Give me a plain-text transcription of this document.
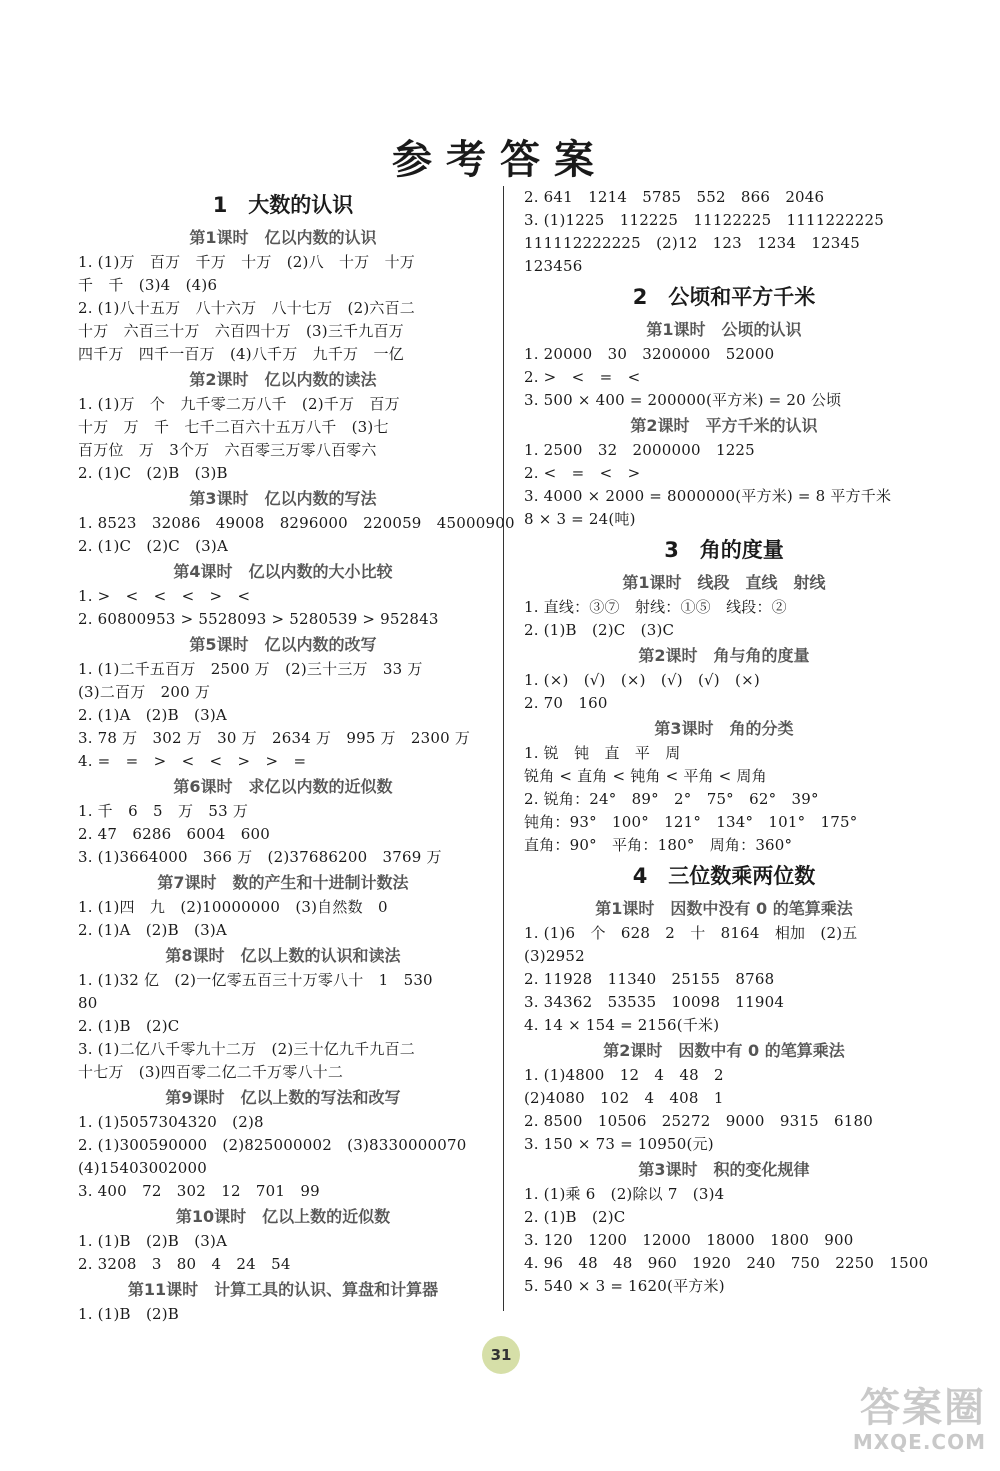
参考答案
1　大数的认识
第1课时　亿以内数的认识
1. (1)万　百万　千万　十万　(2)八　十万　十万
千　千　(3)4　(4)6
2. (1)八十五万　八十六万　八十七万　(2)六百二
十万　六百三十万　六百四十万　(3)三千九百万
四千万　四千一百万　(4)八千万　九千万　一亿
第2课时　亿以内数的读法
1. (1)万　个　九千零二万八千　(2)千万　百万
十万　万　千　七千二百六十五万八千　(3)七
百万位　万　3个万　六百零三万零八百零六
2. (1)C　(2)B　(3)B
第3课时　亿以内数的写法
1. 8523　32086　49008　8296000　220059　45000900
2. (1)C　(2)C　(3)A
第4课时　亿以内数的大小比较
1. >　<　<　<　>　<
2. 60800953 > 5528093 > 5280539 > 952843
第5课时　亿以内数的改写
1. (1)二千五百万　2500 万　(2)三十三万　33 万
(3)二百万　200 万
2. (1)A　(2)B　(3)A
3. 78 万　302 万　30 万　2634 万　995 万　2300 万
4. =　=　>　<　<　>　>　=
第6课时　求亿以内数的近似数
1. 千　6　5　万　53 万
2. 47　6286　6004　600
3. (1)3664000　366 万　(2)37686200　3769 万
第7课时　数的产生和十进制计数法
1. (1)四　九　(2)10000000　(3)自然数　0
2. (1)A　(2)B　(3)A
第8课时　亿以上数的认识和读法
1. (1)32 亿　(2)一亿零五百三十万零八十　1　530
80
2. (1)B　(2)C
3. (1)二亿八千零九十二万　(2)三十亿九千九百二
十七万　(3)四百零二亿二千万零八十二
第9课时　亿以上数的写法和改写
1. (1)5057304320　(2)8
2. (1)300590000　(2)825000002　(3)8330000070
(4)15403002000
3. 400　72　302　12　701　99
第10课时　亿以上数的近似数
1. (1)B　(2)B　(3)A
2. 3208　3　80　4　24　54
第11课时　计算工具的认识、算盘和计算器
1. (1)B　(2)B
2. 641　1214　5785　552　866　2046
3. (1)1225　112225　11122225　1111222225
111112222225　(2)12　123　1234　12345
123456
2　公顷和平方千米
第1课时　公顷的认识
1. 20000　30　3200000　52000
2. >　<　=　<
3. 500 × 400 = 200000(平方米) = 20 公顷
第2课时　平方千米的认识
1. 2500　32　2000000　1225
2. <　=　<　>
3. 4000 × 2000 = 8000000(平方米) = 8 平方千米
8 × 3 = 24(吨)
3　角的度量
第1课时　线段　直线　射线
1. 直线：③⑦　射线：①⑤　线段：②
2. (1)B　(2)C　(3)C
第2课时　角与角的度量
1. (×)　(√)　(×)　(√)　(√)　(×)
2. 70　160
第3课时　角的分类
1. 锐　钝　直　平　周
锐角 < 直角 < 钝角 < 平角 < 周角
2. 锐角：24°　89°　2°　75°　62°　39°
钝角：93°　100°　121°　134°　101°　175°
直角：90°　平角：180°　周角：360°
4　三位数乘两位数
第1课时　因数中没有 0 的笔算乘法
1. (1)6　个　628　2　十　8164　相加　(2)五
(3)2952
2. 11928　11340　25155　8768
3. 34362　53535　10098　11904
4. 14 × 154 = 2156(千米)
第2课时　因数中有 0 的笔算乘法
1. (1)4800　12　4　48　2
(2)4080　102　4　408　1
2. 8500　10506　25272　9000　9315　6180
3. 150 × 73 = 10950(元)
第3课时　积的变化规律
1. (1)乘 6　(2)除以 7　(3)4
2. (1)B　(2)C
3. 120　1200　12000　18000　1800　900
4. 96　48　48　960　1920　240　750　2250　1500
5. 540 × 3 = 1620(平方米)
31
答案圈
MXQE.COM
